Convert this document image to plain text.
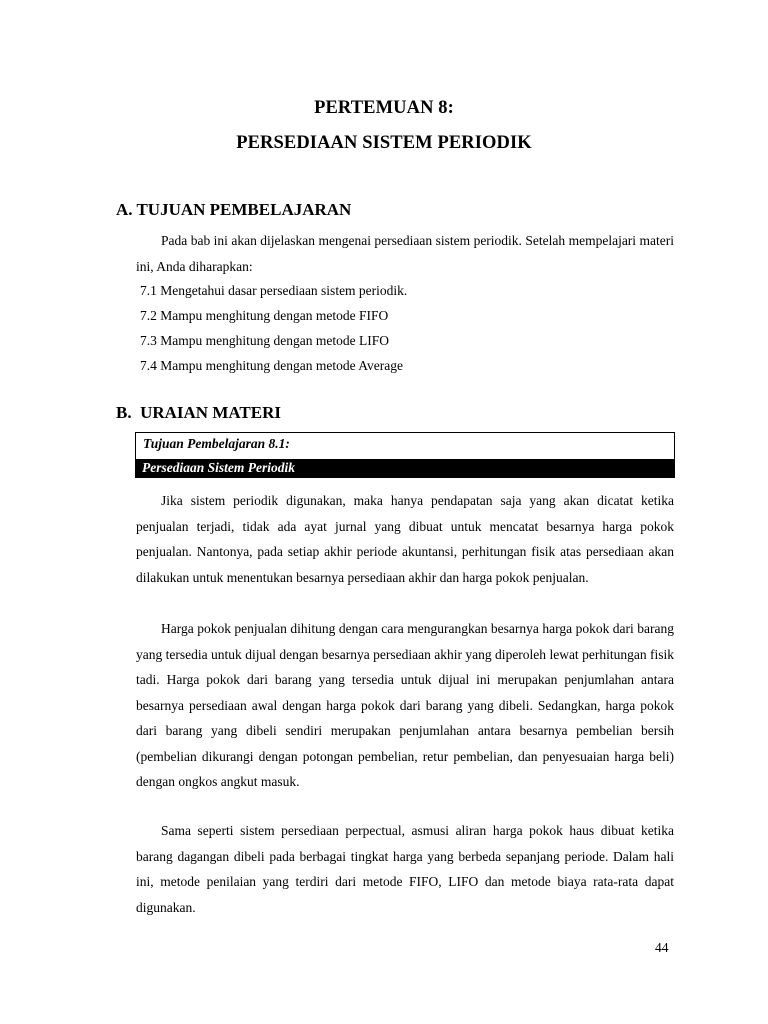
PERTEMUAN 8:
PERSEDIAAN SISTEM PERIODIK
A. TUJUAN PEMBELAJARAN

Pada bab ini akan dijelaskan mengenai persediaan sistem periodik. Setelah mempelajari materi ini, Anda diharapkan:

7.1 Mengetahui dasar persediaan sistem periodik.
7.2 Mampu menghitung dengan metode FIFO
7.3 Mampu menghitung dengan metode LIFO
7.4 Mampu menghitung dengan metode Average
B.  URAIAN MATERI
Tujuan Pembelajaran 8.1:
Persediaan Sistem Periodik

Jika sistem periodik digunakan, maka hanya pendapatan saja yang akan dicatat ketika penjualan terjadi, tidak ada ayat jurnal yang dibuat untuk mencatat besarnya harga pokok penjualan. Nantonya, pada setiap akhir periode akuntansi, perhitungan fisik atas persediaan akan dilakukan untuk menentukan besarnya persediaan akhir dan harga pokok penjualan.

Harga pokok penjualan dihitung dengan cara mengurangkan besarnya harga pokok dari barang yang tersedia untuk dijual dengan besarnya persediaan akhir yang diperoleh lewat perhitungan fisik tadi. Harga pokok dari barang yang tersedia untuk dijual ini merupakan penjumlahan antara besarnya persediaan awal dengan harga pokok dari barang yang dibeli. Sedangkan, harga pokok dari barang yang dibeli sendiri merupakan penjumlahan antara besarnya pembelian bersih (pembelian dikurangi dengan potongan pembelian, retur pembelian, dan penyesuaian harga beli) dengan ongkos angkut masuk.

Sama seperti sistem persediaan perpectual, asmusi aliran harga pokok haus dibuat ketika barang dagangan dibeli pada berbagai tingkat harga yang berbeda sepanjang periode. Dalam hali ini, metode penilaian yang terdiri dari metode FIFO, LIFO dan metode biaya rata-rata dapat digunakan.

44
